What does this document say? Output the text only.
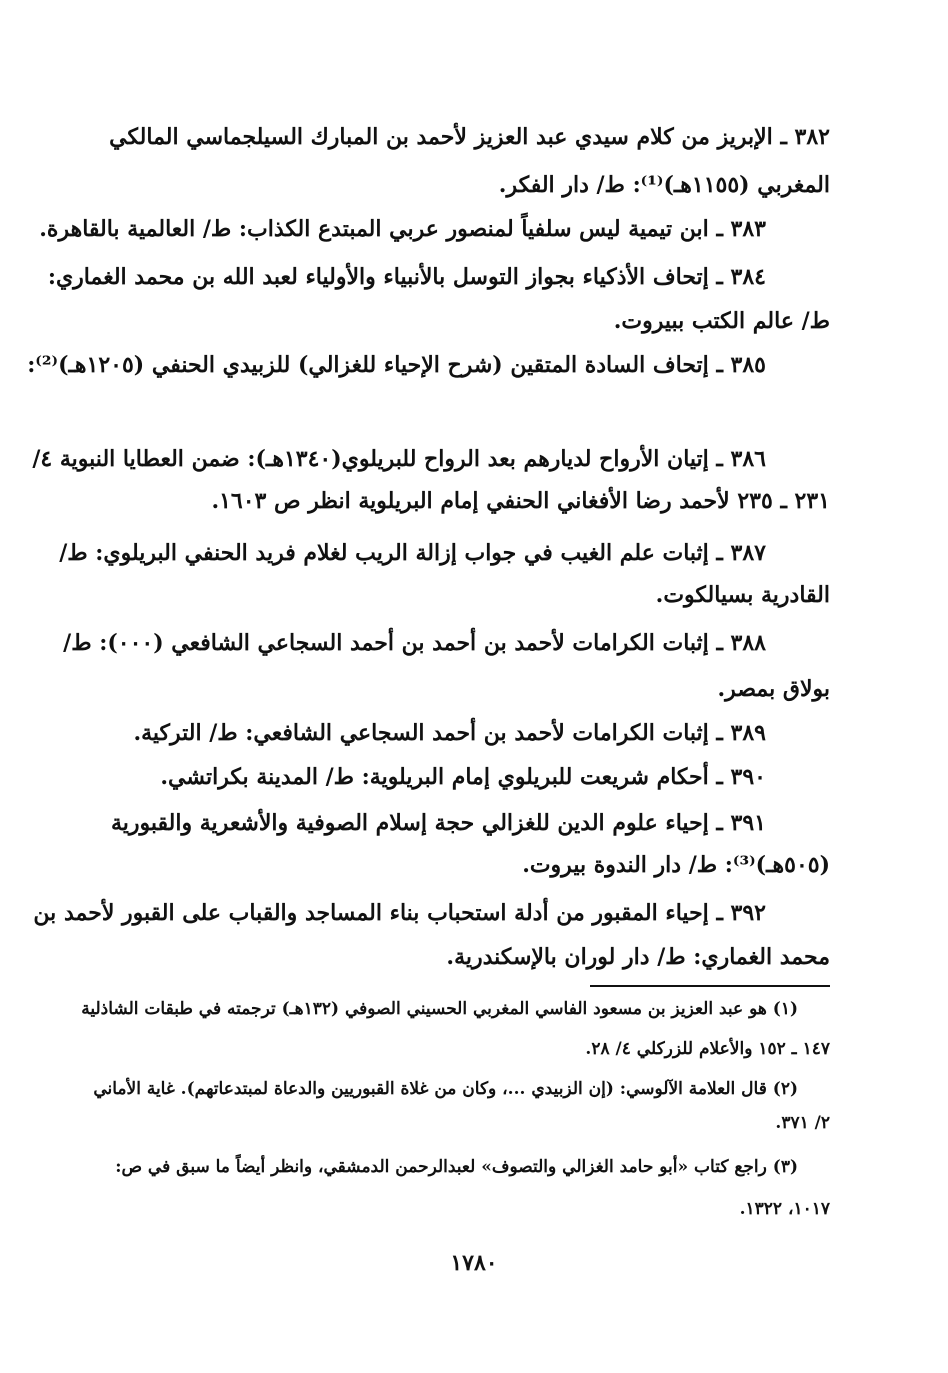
٣٨٢ ـ الإبريز من كلام سيدي عبد العزيز لأحمد بن المبارك السيلجماسي المالكي
المغربي (١١٥٥هـ)⁽¹⁾: ط/ دار الفكر.
٣٨٣ ـ ابن تيمية ليس سلفياً لمنصور عربي المبتدع الكذاب: ط/ العالمية بالقاهرة.
٣٨٤ ـ إتحاف الأذكياء بجواز التوسل بالأنبياء والأولياء لعبد الله بن محمد الغماري:
ط/ عالم الكتب ببيروت.
٣٨٥ ـ إتحاف السادة المتقين (شرح الإحياء للغزالي) للزبيدي الحنفي (١٢٠٥هـ)⁽²⁾:
٣٨٦ ـ إتيان الأرواح لديارهم بعد الرواح للبريلوي(١٣٤٠هـ): ضمن العطايا النبوية ٤/
٢٣١ ـ ٢٣٥ لأحمد رضا الأفغاني الحنفي إمام البريلوية انظر ص ١٦٠٣.
٣٨٧ ـ إثبات علم الغيب في جواب إزالة الريب لغلام فريد الحنفي البريلوي: ط/
القادرية بسيالكوت.
٣٨٨ ـ إثبات الكرامات لأحمد بن أحمد بن أحمد السجاعي الشافعي (٠٠٠): ط/
بولاق بمصر.
٣٨٩ ـ إثبات الكرامات لأحمد بن أحمد السجاعي الشافعي: ط/ التركية.
٣٩٠ ـ أحكام شريعت للبريلوي إمام البريلوية: ط/ المدينة بكراتشي.
٣٩١ ـ إحياء علوم الدين للغزالي حجة إسلام الصوفية والأشعرية والقبورية
(٥٠٥هـ)⁽³⁾: ط/ دار الندوة بيروت.
٣٩٢ ـ إحياء المقبور من أدلة استحباب بناء المساجد والقباب على القبور لأحمد بن
محمد الغماري: ط/ دار لوران بالإسكندرية.
(١) هو عبد العزيز بن مسعود الفاسي المغربي الحسيني الصوفي (١٣٢هـ) ترجمته في طبقات الشاذلية
١٤٧ ـ ١٥٢ والأعلام للزركلي ٤/ ٢٨.
(٢) قال العلامة الآلوسي: (إن الزبيدي ...، وكان من غلاة القبوريين والدعاة لمبتدعاتهم). غاية الأماني
٢/ ٣٧١.
(٣) راجع كتاب «أبو حامد الغزالي والتصوف» لعبدالرحمن الدمشقي، وانظر أيضاً ما سبق في ص:
١٠١٧، ١٣٢٢.
١٧٨٠
